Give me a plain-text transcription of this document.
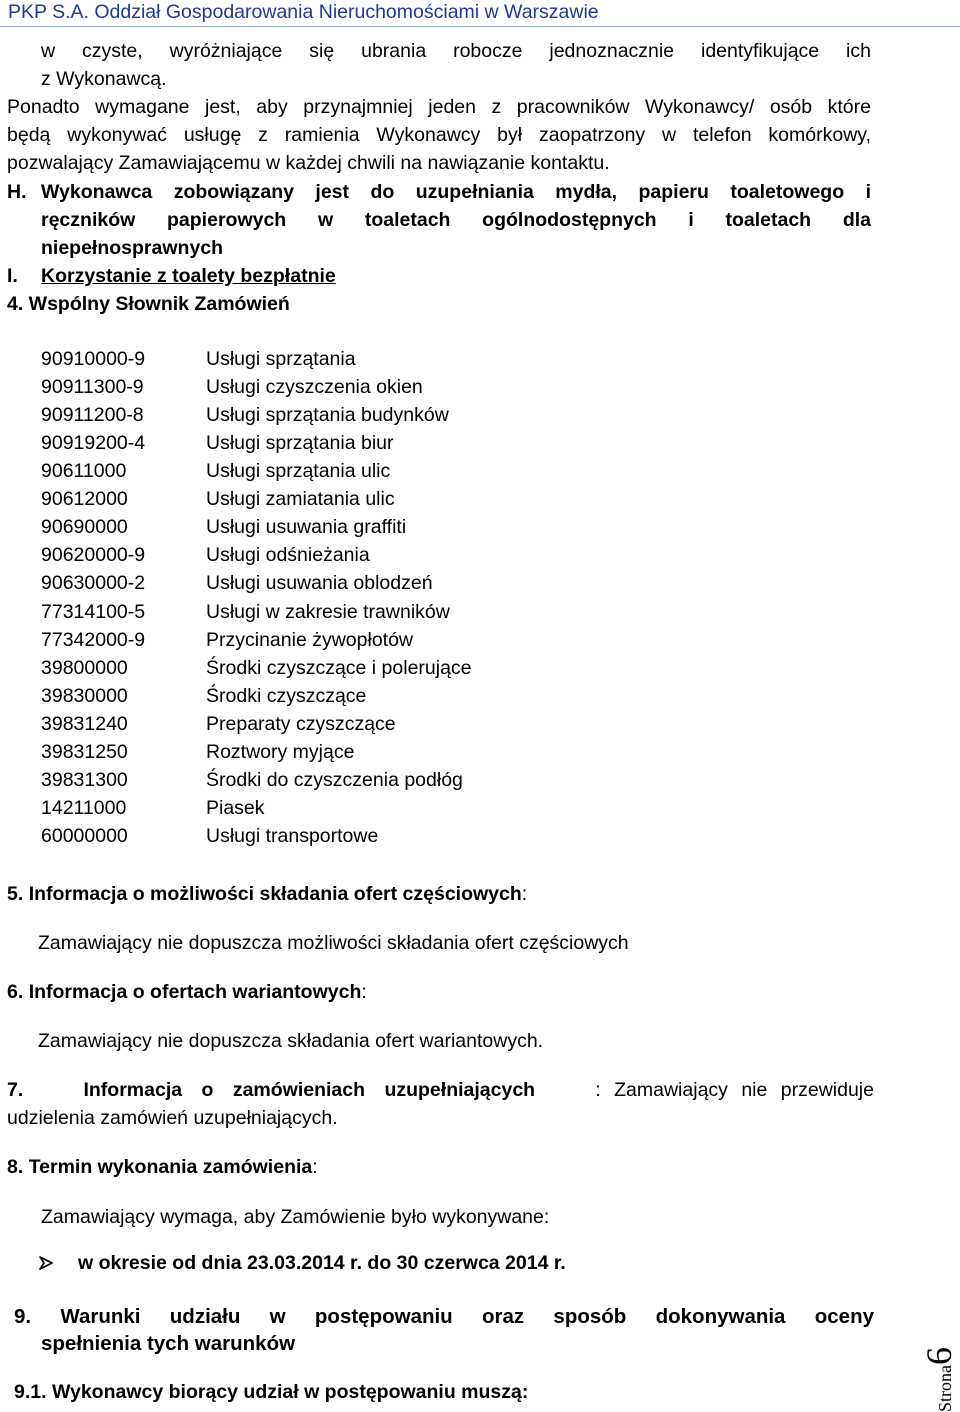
PKP S.A. Oddział Gospodarowania Nieruchomościami w Warszawie
w czyste, wyróżniające się ubrania robocze jednoznacznie identyfikujące ich
z Wykonawcą.
Ponadto wymagane jest, aby przynajmniej jeden z pracowników Wykonawcy/ osób które
będą wykonywać usługę z ramienia Wykonawcy był zaopatrzony w telefon komórkowy,
pozwalający Zamawiającemu w każdej chwili na nawiązanie kontaktu.
H. Wykonawca zobowiązany jest do uzupełniania mydła, papieru toaletowego i
ręczników papierowych w toaletach ogólnodostępnych i toaletach dla
niepełnosprawnych
I. Korzystanie z toalety bezpłatnie
4. Wspólny Słownik Zamówień
90910000-9	Usługi sprzątania
90911300-9	Usługi czyszczenia okien
90911200-8	Usługi sprzątania budynków
90919200-4	Usługi sprzątania biur
90611000	Usługi sprzątania ulic
90612000	Usługi zamiatania ulic
90690000	Usługi usuwania graffiti
90620000-9	Usługi odśnieżania
90630000-2	Usługi usuwania oblodzeń
77314100-5	Usługi w zakresie trawników
77342000-9	Przycinanie żywopłotów
39800000	Środki czyszczące i polerujące
39830000	Środki czyszczące
39831240	Preparaty czyszczące
39831250	Roztwory myjące
39831300	Środki do czyszczenia podłóg
14211000	Piasek
60000000	Usługi transportowe
5. Informacja o możliwości składania ofert częściowych:
Zamawiający nie dopuszcza możliwości składania ofert częściowych
6. Informacja o ofertach wariantowych:
Zamawiający nie dopuszcza składania ofert wariantowych.
7.	Informacja o zamówieniach uzupełniających	: Zamawiający nie przewiduje
udzielenia zamówień uzupełniających.
8. Termin wykonania zamówienia:
Zamawiający wymaga, aby Zamówienie było wykonywane:
w okresie od dnia 23.03.2014 r. do 30 czerwca 2014 r.
9. Warunki udziału w postępowaniu oraz sposób dokonywania oceny
spełnienia tych warunków
9.1. Wykonawcy biorący udział w postępowaniu muszą:	Strona6
